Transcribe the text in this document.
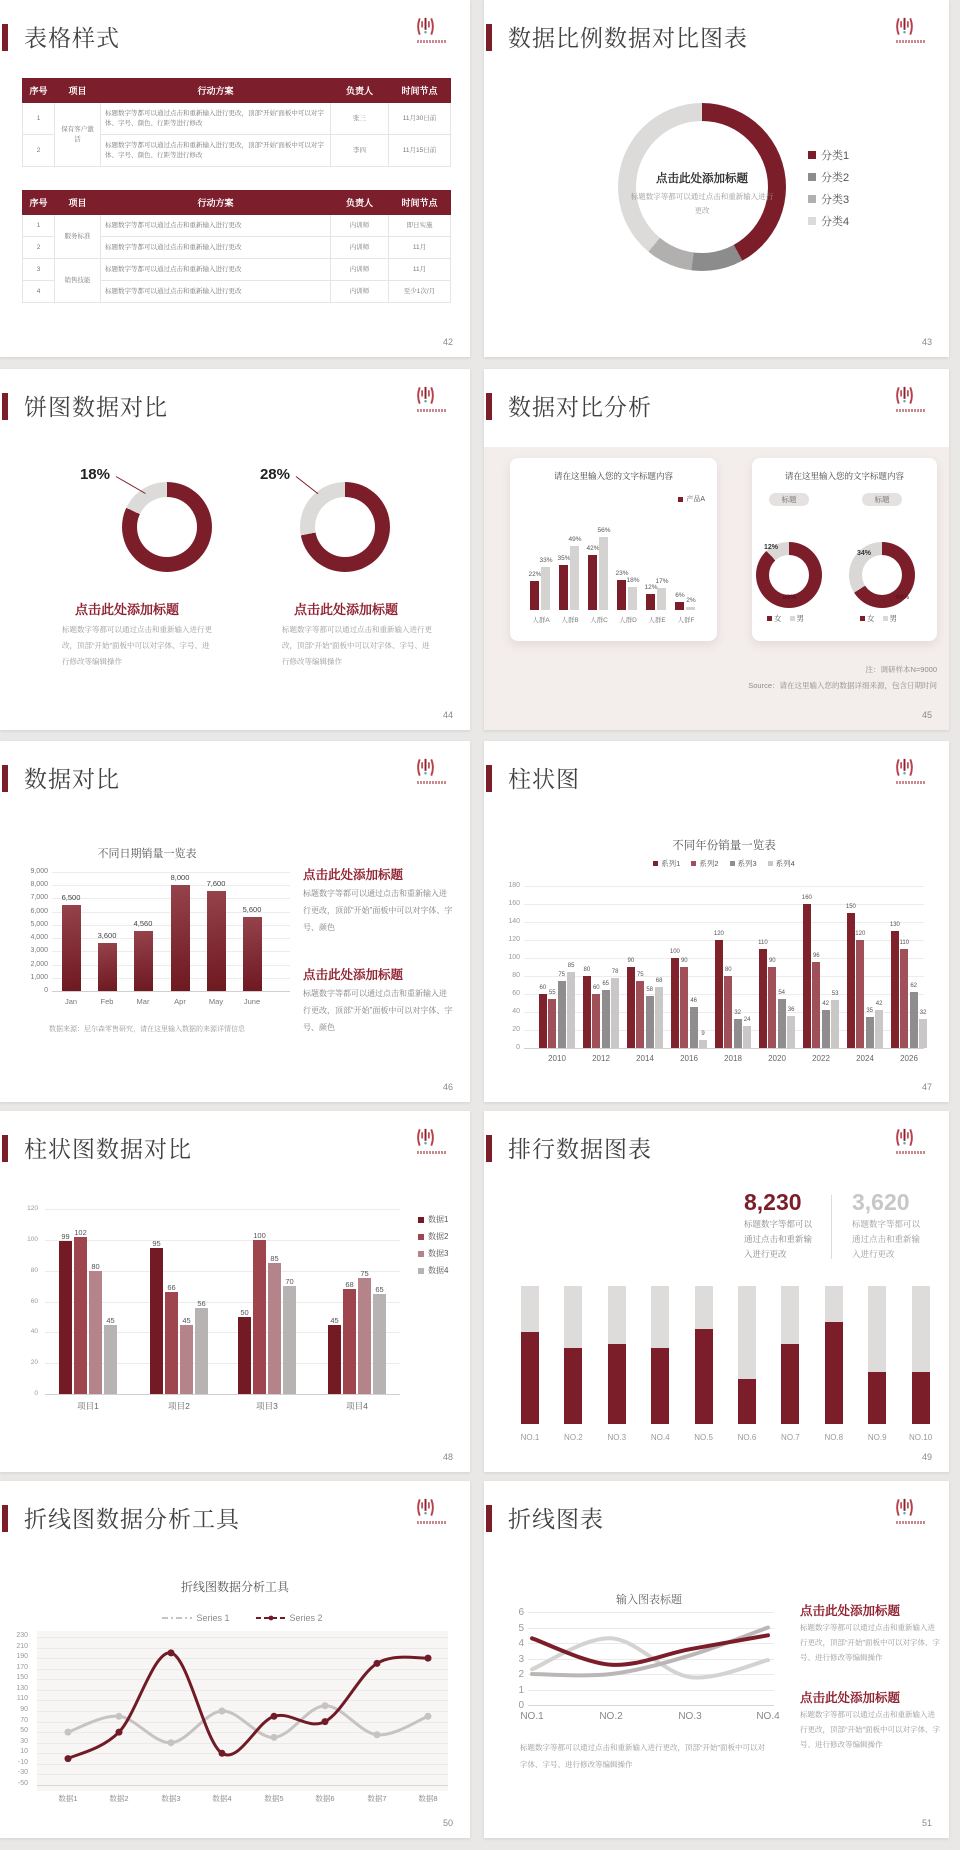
表格样式
序号	项目	行动方案	负责人	时间节点
1	保有客户激活	标题数字等都可以通过点击和重新输入进行更改，顶部“开始”面板中可以对字体、字号、颜色、行距等进行修改	张三	11月30日前
2		标题数字等都可以通过点击和重新输入进行更改，顶部“开始”面板中可以对字体、字号、颜色、行距等进行修改	李四	11月15日前
序号	项目	行动方案	负责人	时间节点
1	服务标准	标题数字等都可以通过点击和重新输入进行更改	内训师	即日实施
2		标题数字等都可以通过点击和重新输入进行更改	内训师	11月
3	销售技能	标题数字等都可以通过点击和重新输入进行更改	内训师	11月
4		标题数字等都可以通过点击和重新输入进行更改	内训师	至少1次/月
42
数据比例数据对比图表
分类1
分类2
分类3
分类4
点击此处添加标题
标题数字等都可以通过点击和重新输入进行更改
43
饼图数据对比
18%
点击此处添加标题
标题数字等都可以通过点击和重新输入进行更改，顶部“开始”面板中可以对字体、字号、进行修改等编辑操作
28%
点击此处添加标题
标题数字等都可以通过点击和重新输入进行更改，顶部“开始”面板中可以对字体、字号、进行修改等编辑操作
44
数据对比分析
请在这里输入您的文字标题内容
产品A
22%
33%
人群A
35%
49%
人群B
42%
56%
人群C
23%
18%
人群D
12%
17%
人群E
6%
2%
人群F
请在这里输入您的文字标题内容
标题	标题
12%
88%
女	男
34%
66%
女	男
注：调研样本N=9000
Source：请在这里输入您的数据详细来源，包含日期时间
45
数据对比
不同日期销量一览表
9,000
8,000
7,000
6,000
5,000
4,000
3,000
2,000
1,000
0
6,500
Jan
3,600
Feb
4,560
Mar
8,000
Apr
7,600
May
5,600
June
数据来源：尼尔森零售研究，请在这里输入数据的来源详情信息
点击此处添加标题
标题数字等都可以通过点击和重新输入进行更改，顶部“开始”面板中可以对字体、字号、颜色
点击此处添加标题
标题数字等都可以通过点击和重新输入进行更改，顶部“开始”面板中可以对字体、字号、颜色
46
柱状图
不同年份销量一览表
180
160
140
120
100
80
60
40
20
0
60
55
75
85
2010
80
60
65
78
2012
90
75
58
68
2014
100
90
46
9
2016
120
80
32
24
2018
110
90
54
36
2020
160
96
42
53
2022
150
120
35
42
2024
130
110
62
32
2026
系列1	系列2	系列3	系列4
47
柱状图数据对比
120
100
80
60
40
20
0
99
102
80
45
项目1
95
66
45
56
项目2
50
100
85
70
项目3
45
68
75
65
项目4
数据1
数据2
数据3
数据4
48
排行数据图表
8,230
标题数字等都可以通过点击和重新输入进行更改
3,620
标题数字等都可以通过点击和重新输入进行更改
NO.1	NO.2	NO.3	NO.4	NO.5	NO.6	NO.7	NO.8	NO.9	NO.10
49
折线图数据分析工具
折线图数据分析工具
230
210
190
170
150
130
110
90
70
50
30
10
-10
-30
-50
数据1	数据2	数据3	数据4	数据5	数据6	数据7	数据8
Series 1	Series 2
50
折线图表
输入图表标题
6
5
4
3
2
1
0
NO.1	NO.2	NO.3	NO.4
标题数字等都可以通过点击和重新输入进行更改，顶部“开始”面板中可以对字体、字号、进行修改等编辑操作
点击此处添加标题
标题数字等都可以通过点击和重新输入进行更改，顶部“开始”面板中可以对字体、字号、进行修改等编辑操作
点击此处添加标题
标题数字等都可以通过点击和重新输入进行更改，顶部“开始”面板中可以对字体、字号、进行修改等编辑操作
51
